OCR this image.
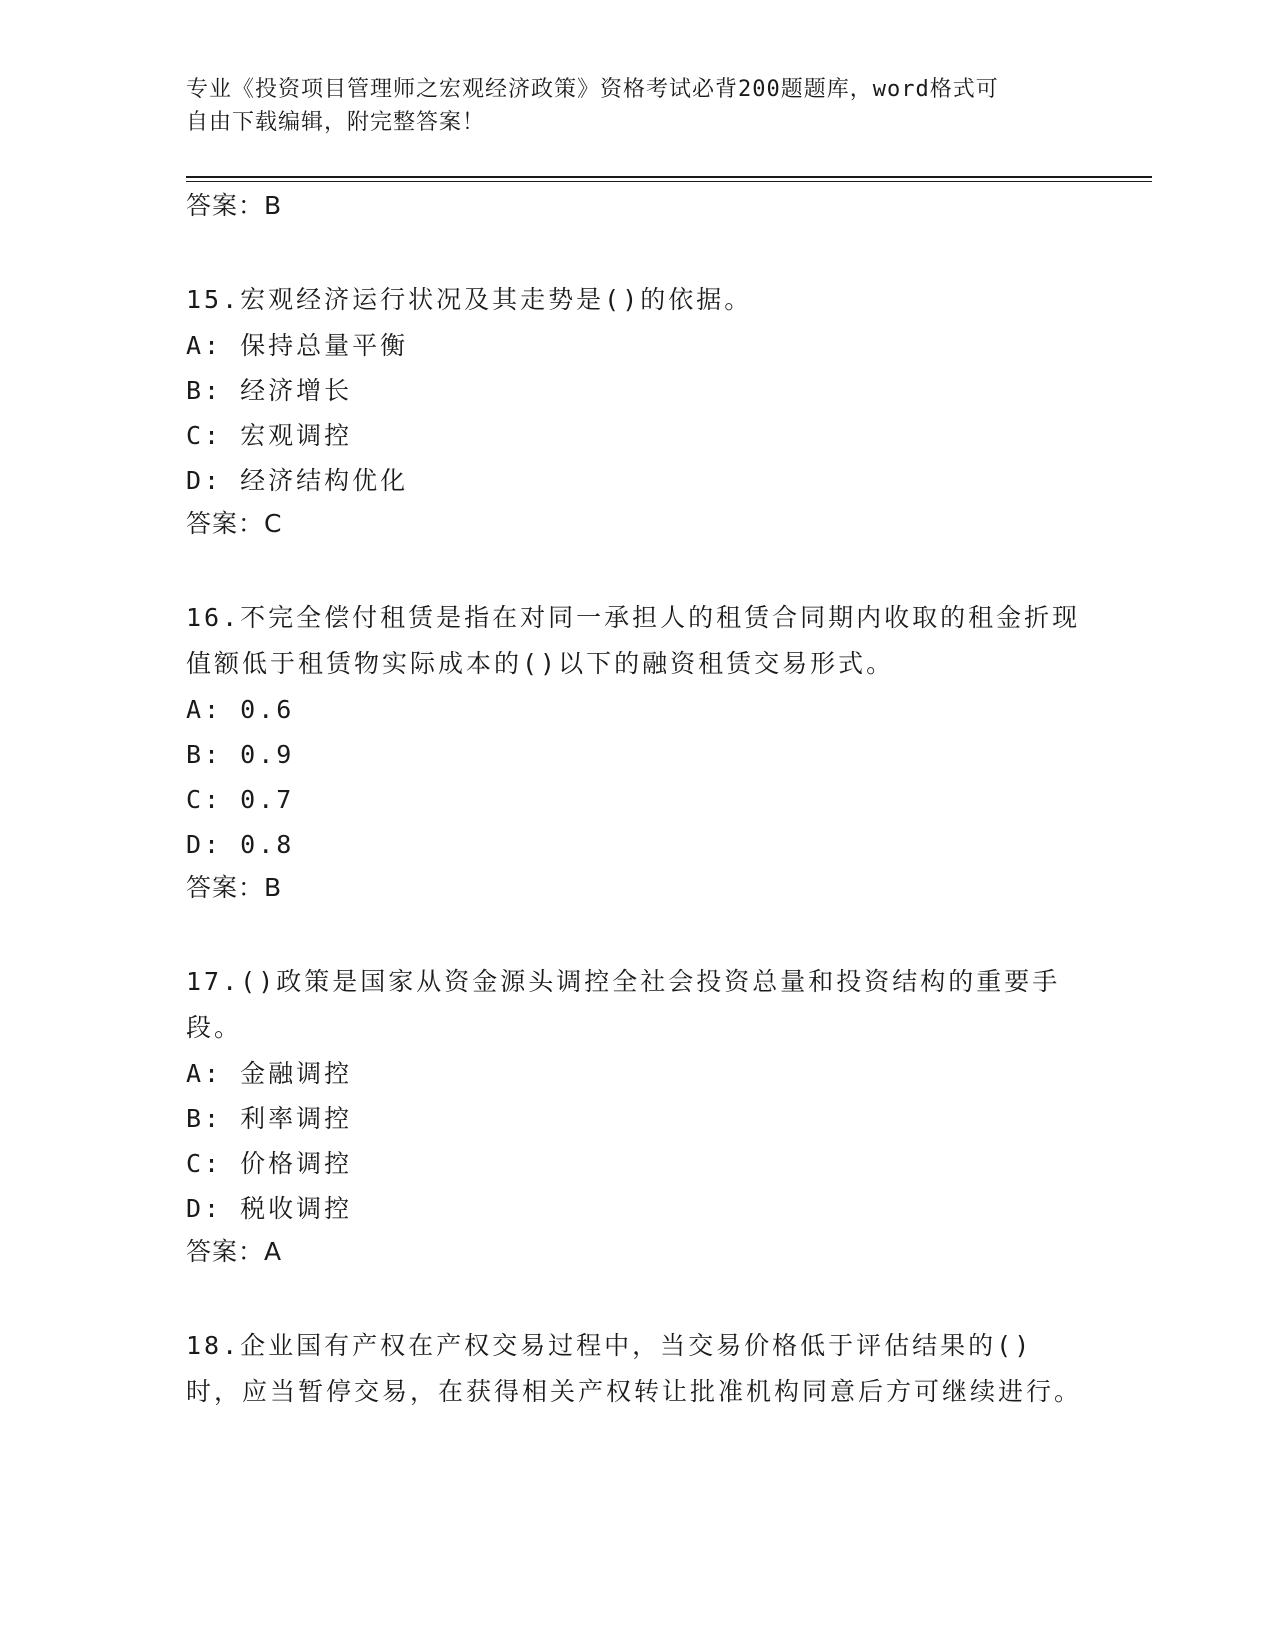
专业《投资项目管理师之宏观经济政策》资格考试必背200题题库，word格式可
自由下载编辑，附完整答案！
答案：B
15.宏观经济运行状况及其走势是()的依据。
A: 保持总量平衡
B: 经济增长
C: 宏观调控
D: 经济结构优化
答案：C
16.不完全偿付租赁是指在对同一承担人的租赁合同期内收取的租金折现值额低于租赁物实际成本的()以下的融资租赁交易形式。
A: 0.6
B: 0.9
C: 0.7
D: 0.8
答案：B
17.()政策是国家从资金源头调控全社会投资总量和投资结构的重要手段。
A: 金融调控
B: 利率调控
C: 价格调控
D: 税收调控
答案：A
18.企业国有产权在产权交易过程中，当交易价格低于评估结果的()时，应当暂停交易，在获得相关产权转让批准机构同意后方可继续进行。
